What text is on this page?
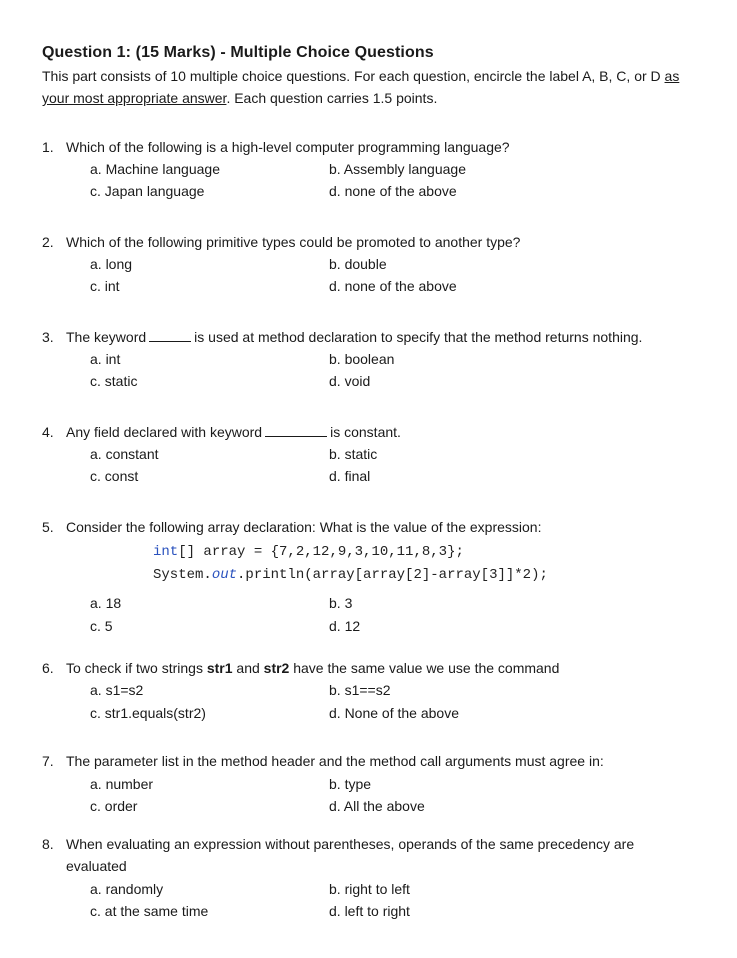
Question 1: (15 Marks) - Multiple Choice Questions
This part consists of 10 multiple choice questions. For each question, encircle the label A, B, C, or D as your most appropriate answer. Each question carries 1.5 points.
1. Which of the following is a high-level computer programming language?
a. Machine language	b. Assembly language
c. Japan language	d. none of the above
2. Which of the following primitive types could be promoted to another type?
a. long	b. double
c. int	d. none of the above
3. The keyword	is used at method declaration to specify that the method returns nothing.
a. int	b. boolean
c. static	d. void
4. Any field declared with keyword	is constant.
a. constant	b. static
c. const	d. final
5. Consider the following array declaration: What is the value of the expression:
a. 18	b. 3
c. 5	d. 12
int[] array = {7,2,12,9,3,10,11,8,3};
System.out.println(array[array[2]-array[3]]*2);
6. To check if two strings str1 and str2 have the same value we use the command
a. s1=s2	b. s1==s2
c. str1.equals(str2)	d. None of the above
7. The parameter list in the method header and the method call arguments must agree in:
a. number	b. type
c. order	d. All the above
8. When evaluating an expression without parentheses, operands of the same precedency are evaluated
a. randomly	b. right to left
c. at the same time	d. left to right
